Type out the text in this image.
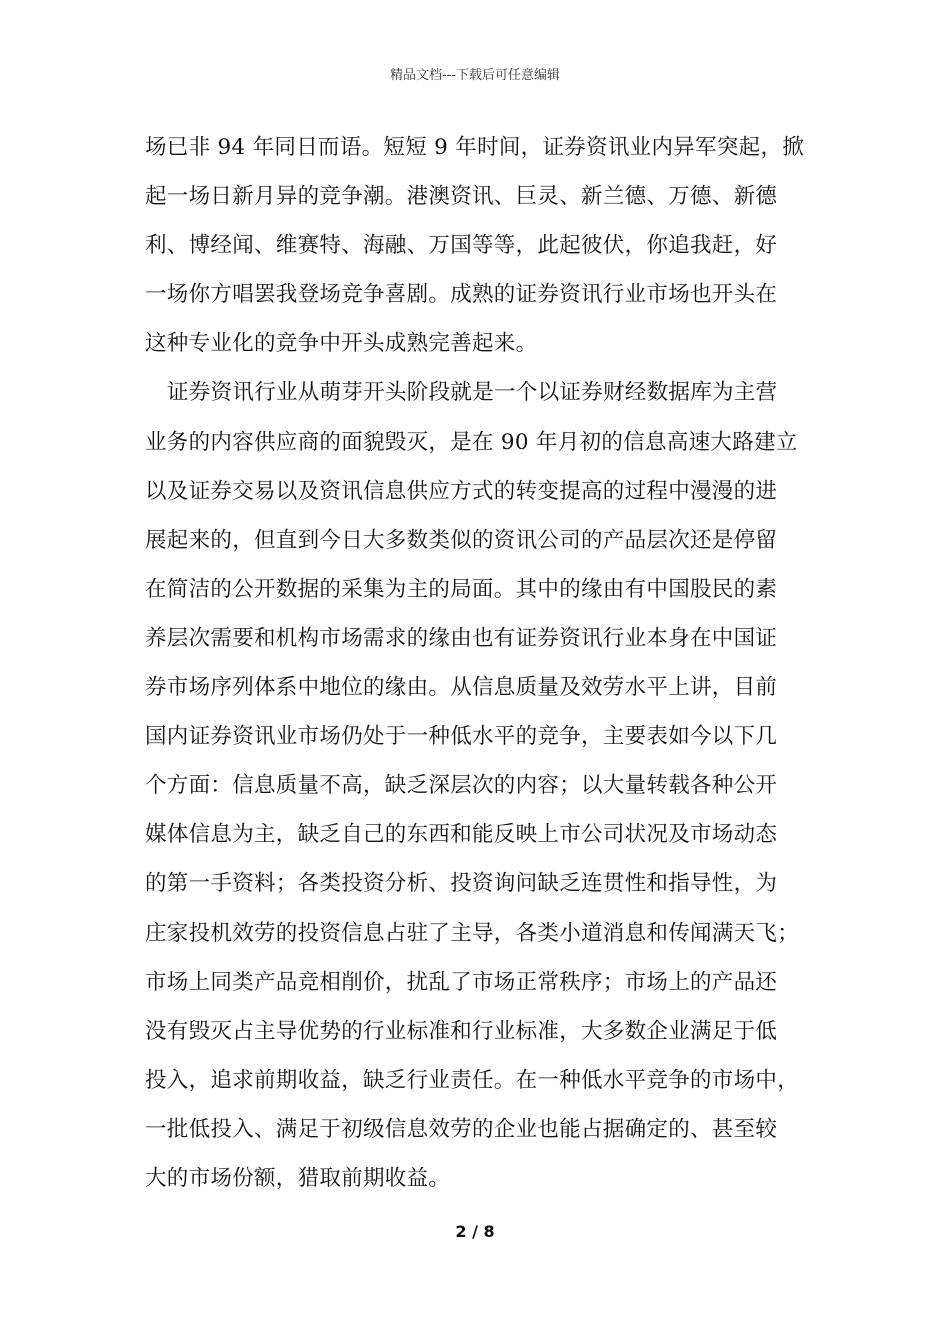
精品文档---下载后可任意编辑
场已非 94 年同日而语。短短 9 年时间，证券资讯业内异军突起，掀
起一场日新月异的竞争潮。港澳资讯、巨灵、新兰德、万德、新德
利、博经闻、维赛特、海融、万国等等，此起彼伏，你追我赶，好
一场你方唱罢我登场竞争喜剧。成熟的证券资讯行业市场也开头在
这种专业化的竞争中开头成熟完善起来。
证券资讯行业从萌芽开头阶段就是一个以证券财经数据库为主营
业务的内容供应商的面貌毁灭，是在 90 年月初的信息高速大路建立
以及证券交易以及资讯信息供应方式的转变提高的过程中漫漫的进
展起来的，但直到今日大多数类似的资讯公司的产品层次还是停留
在简洁的公开数据的采集为主的局面。其中的缘由有中国股民的素
养层次需要和机构市场需求的缘由也有证券资讯行业本身在中国证
券市场序列体系中地位的缘由。从信息质量及效劳水平上讲，目前
国内证券资讯业市场仍处于一种低水平的竞争，主要表如今以下几
个方面：信息质量不高，缺乏深层次的内容；以大量转载各种公开
媒体信息为主，缺乏自己的东西和能反映上市公司状况及市场动态
的第一手资料；各类投资分析、投资询问缺乏连贯性和指导性，为
庄家投机效劳的投资信息占驻了主导，各类小道消息和传闻满天飞；
市场上同类产品竞相削价，扰乱了市场正常秩序；市场上的产品还
没有毁灭占主导优势的行业标准和行业标准，大多数企业满足于低
投入，追求前期收益，缺乏行业责任。在一种低水平竞争的市场中，
一批低投入、满足于初级信息效劳的企业也能占据确定的、甚至较
大的市场份额，猎取前期收益。
2 / 8
